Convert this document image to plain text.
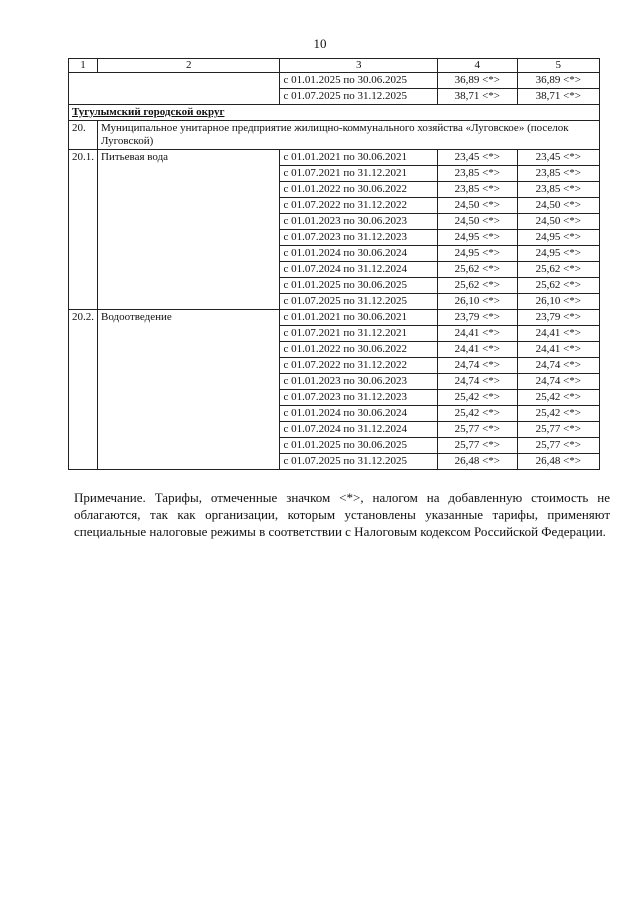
10
1	2	3	4	5
		с 01.01.2025 по 30.06.2025	36,89 <*>	36,89 <*>
		с 01.07.2025 по 31.12.2025	38,71 <*>	38,71 <*>
Тугулымский городской округ				
20.	Муниципальное унитарное предприятие жилищно-коммунального хозяйства «Луговское» (поселок Луговской)			
20.1.	Питьевая вода	с 01.01.2021 по 30.06.2021	23,45 <*>	23,45 <*>
		с 01.07.2021 по 31.12.2021	23,85 <*>	23,85 <*>
		с 01.01.2022 по 30.06.2022	23,85 <*>	23,85 <*>
		с 01.07.2022 по 31.12.2022	24,50 <*>	24,50 <*>
		с 01.01.2023 по 30.06.2023	24,50 <*>	24,50 <*>
		с 01.07.2023 по 31.12.2023	24,95 <*>	24,95 <*>
		с 01.01.2024 по 30.06.2024	24,95 <*>	24,95 <*>
		с 01.07.2024 по 31.12.2024	25,62 <*>	25,62 <*>
		с 01.01.2025 по 30.06.2025	25,62 <*>	25,62 <*>
		с 01.07.2025 по 31.12.2025	26,10 <*>	26,10 <*>
20.2.	Водоотведение	с 01.01.2021 по 30.06.2021	23,79 <*>	23,79 <*>
		с 01.07.2021 по 31.12.2021	24,41 <*>	24,41 <*>
		с 01.01.2022 по 30.06.2022	24,41 <*>	24,41 <*>
		с 01.07.2022 по 31.12.2022	24,74 <*>	24,74 <*>
		с 01.01.2023 по 30.06.2023	24,74 <*>	24,74 <*>
		с 01.07.2023 по 31.12.2023	25,42 <*>	25,42 <*>
		с 01.01.2024 по 30.06.2024	25,42 <*>	25,42 <*>
		с 01.07.2024 по 31.12.2024	25,77 <*>	25,77 <*>
		с 01.01.2025 по 30.06.2025	25,77 <*>	25,77 <*>
		с 01.07.2025 по 31.12.2025	26,48 <*>	26,48 <*>
Примечание. Тарифы, отмеченные значком <*>, налогом на добавленную стоимость не облагаются, так как организации, которым установлены указанные тарифы, применяют специальные налоговые режимы в соответствии с Налоговым кодексом Российской Федерации.
